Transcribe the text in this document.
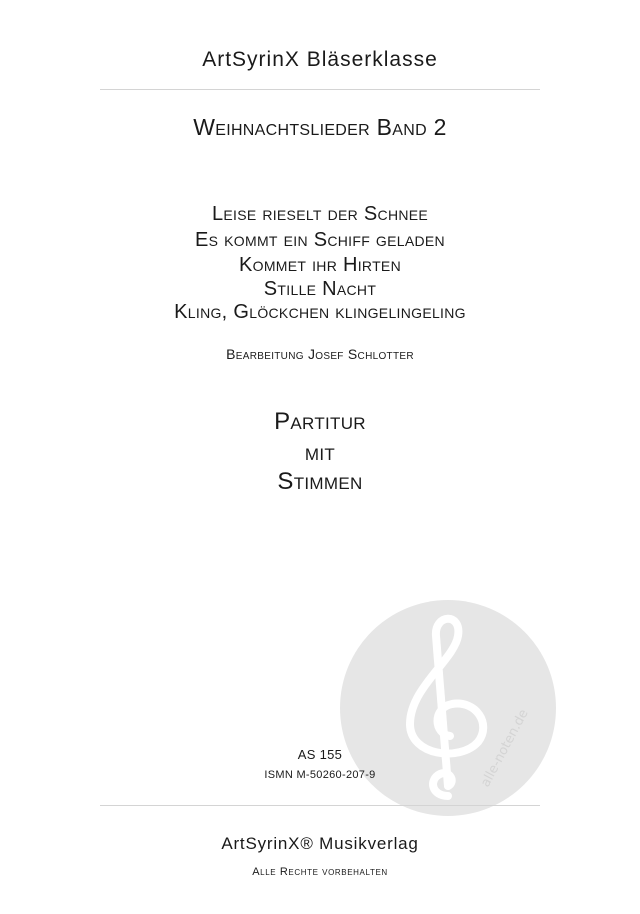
ArtSyrinX Bläserklasse
Weihnachtslieder Band 2
Leise rieselt der Schnee
Es kommt ein Schiff geladen
Kommet ihr Hirten
Stille Nacht
Kling, Glöckchen klingelingeling
Bearbeitung Josef Schlotter
Partitur
mit
Stimmen
alle-noten.de
AS 155
ISMN M-50260-207-9
ArtSyrinX® Musikverlag
Alle Rechte vorbehalten
